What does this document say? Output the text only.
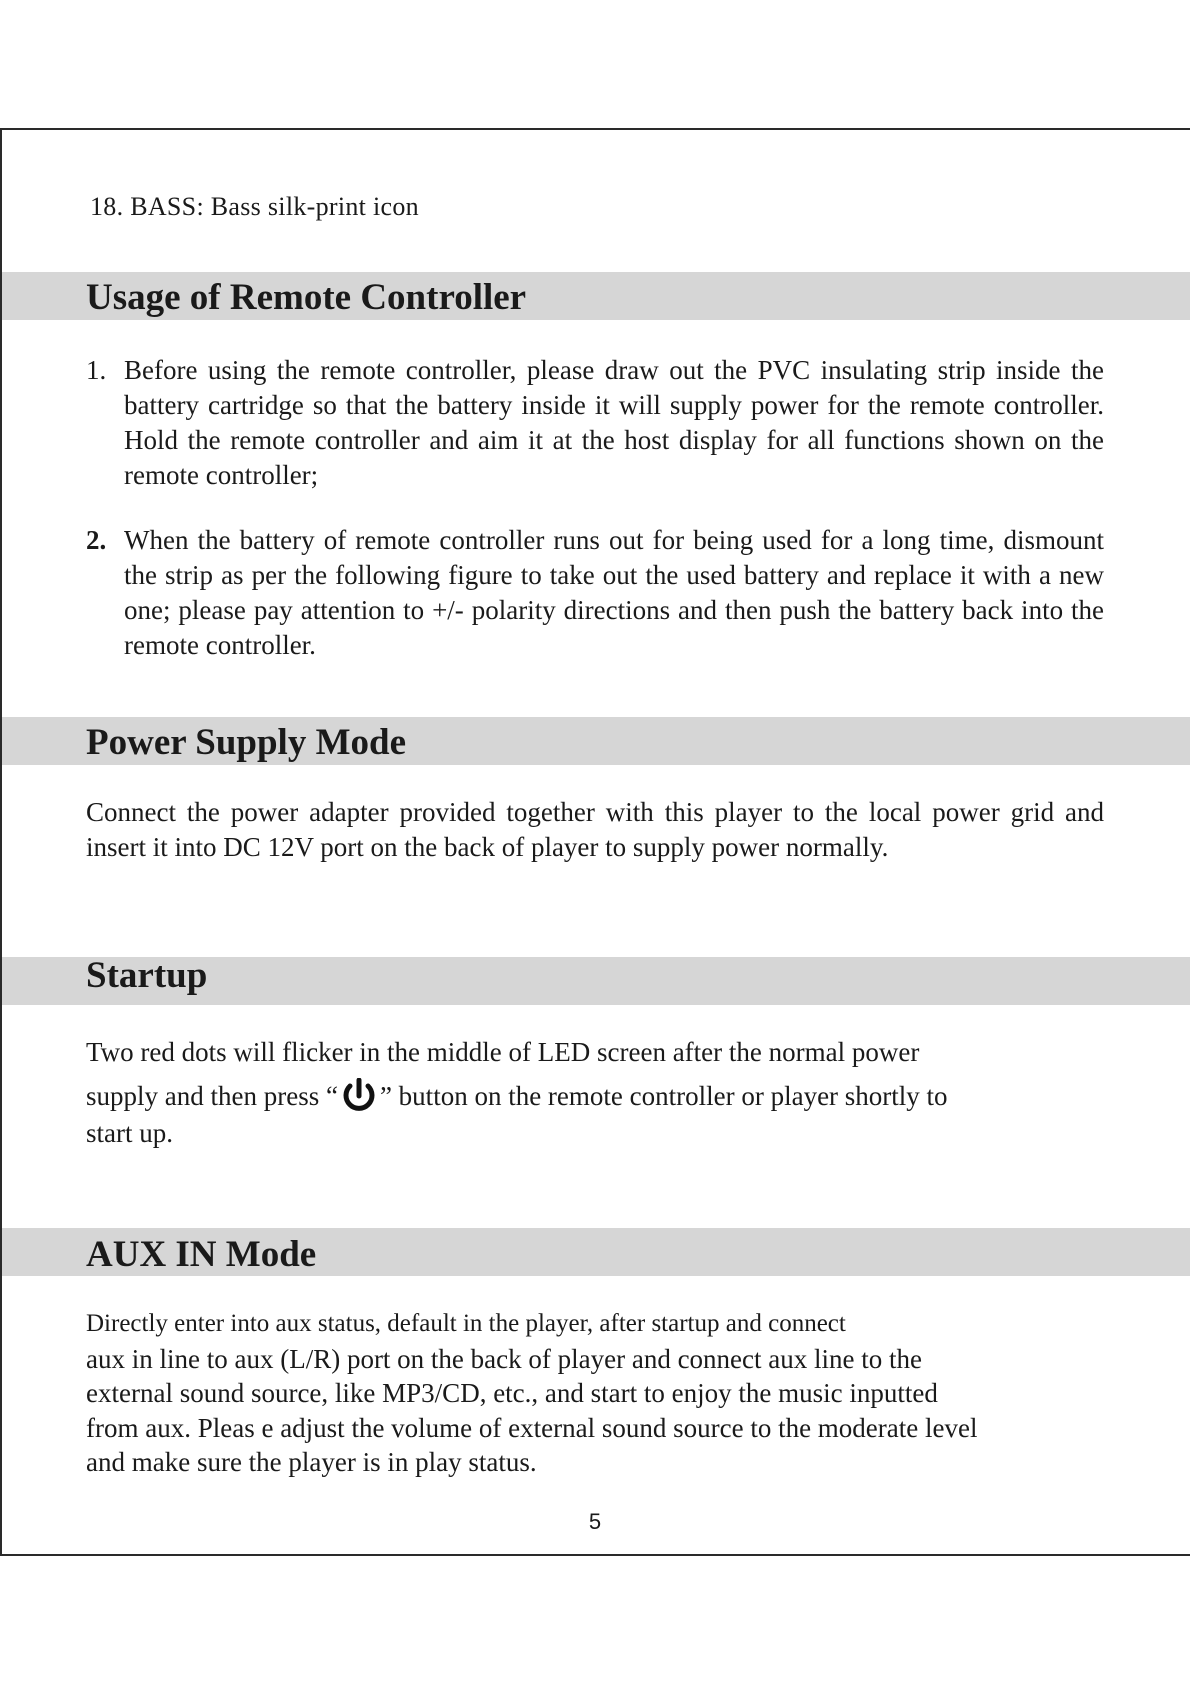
18. BASS: Bass silk-print icon

Usage of Remote Controller
1. Before using the remote controller, please draw out the PVC insulating strip inside the battery cartridge so that the battery inside it will supply power for the remote controller. Hold the remote controller and aim it at the host display for all functions shown on the remote controller;
2. When the battery of remote controller runs out for being used for a long time, dismount the strip as per the following figure to take out the used battery and replace it with a new one; please pay attention to +/- polarity directions and then push the battery back into the remote controller.
Power Supply Mode

Connect the power adapter provided together with this player to the local power grid and insert it into DC 12V port on the back of player to supply power normally.

Startup
Two red dots will flicker in the middle of LED screen after the normal power
supply and then press “ ” button on the remote controller or player shortly to
start up.
AUX IN Mode
Directly enter into aux status, default in the player, after startup and connect
aux in line to aux (L/R) port on the back of player and connect aux line to the
external sound source, like MP3/CD, etc., and start to enjoy the music inputted
from aux. Pleas e adjust the volume of external sound source to the moderate level
and make sure the player is in play status.

5
